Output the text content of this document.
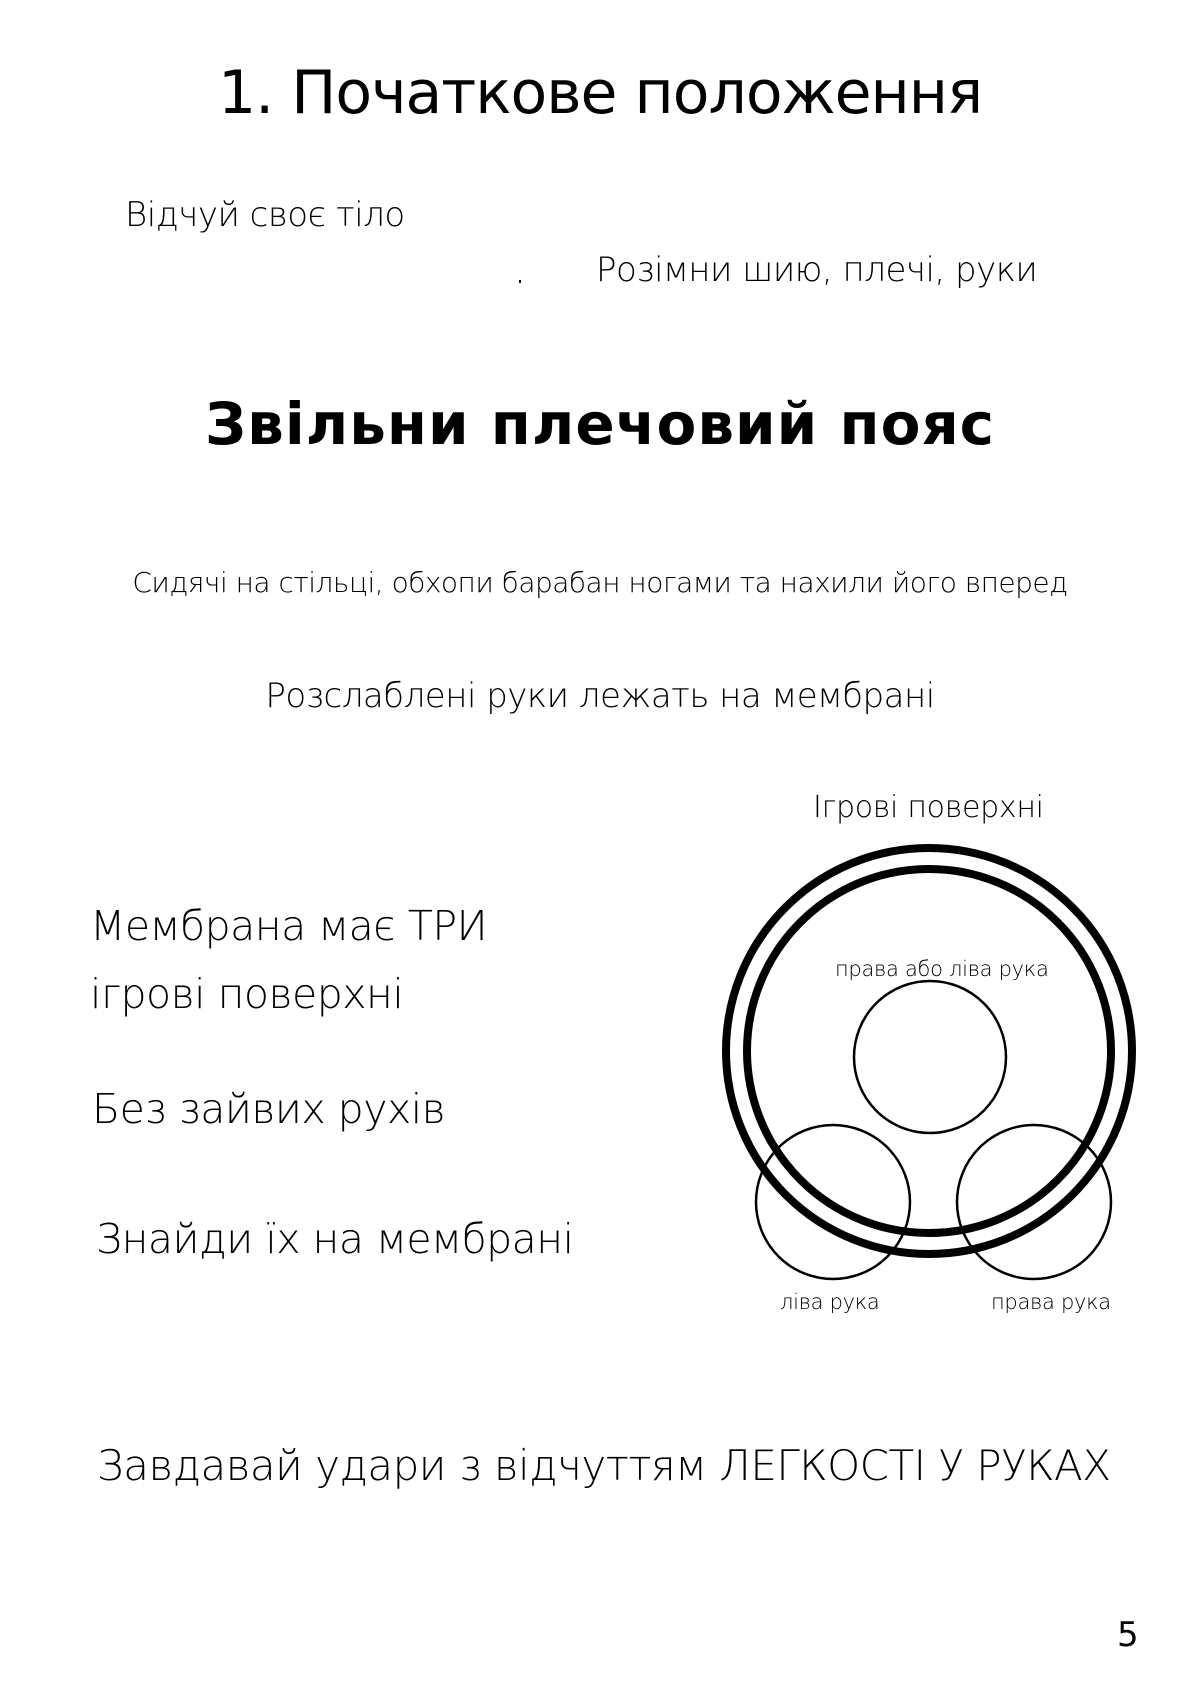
1. Початкове положення
Відчуй своє тіло
Розімни шию, плечі, руки
Звільни плечовий пояс
Сидячі на стільці, обхопи барабан ногами та нахили його вперед
Розслаблені руки лежать на мембрані
Мембрана має ТРИ
ігрові поверхні
Без зайвих рухів
Знайди їх на мембрані
Ігрові поверхні
права або ліва рука
ліва рука	права рука
Завдавай удари з відчуттям ЛЕГКОСТІ У РУКАХ
5
